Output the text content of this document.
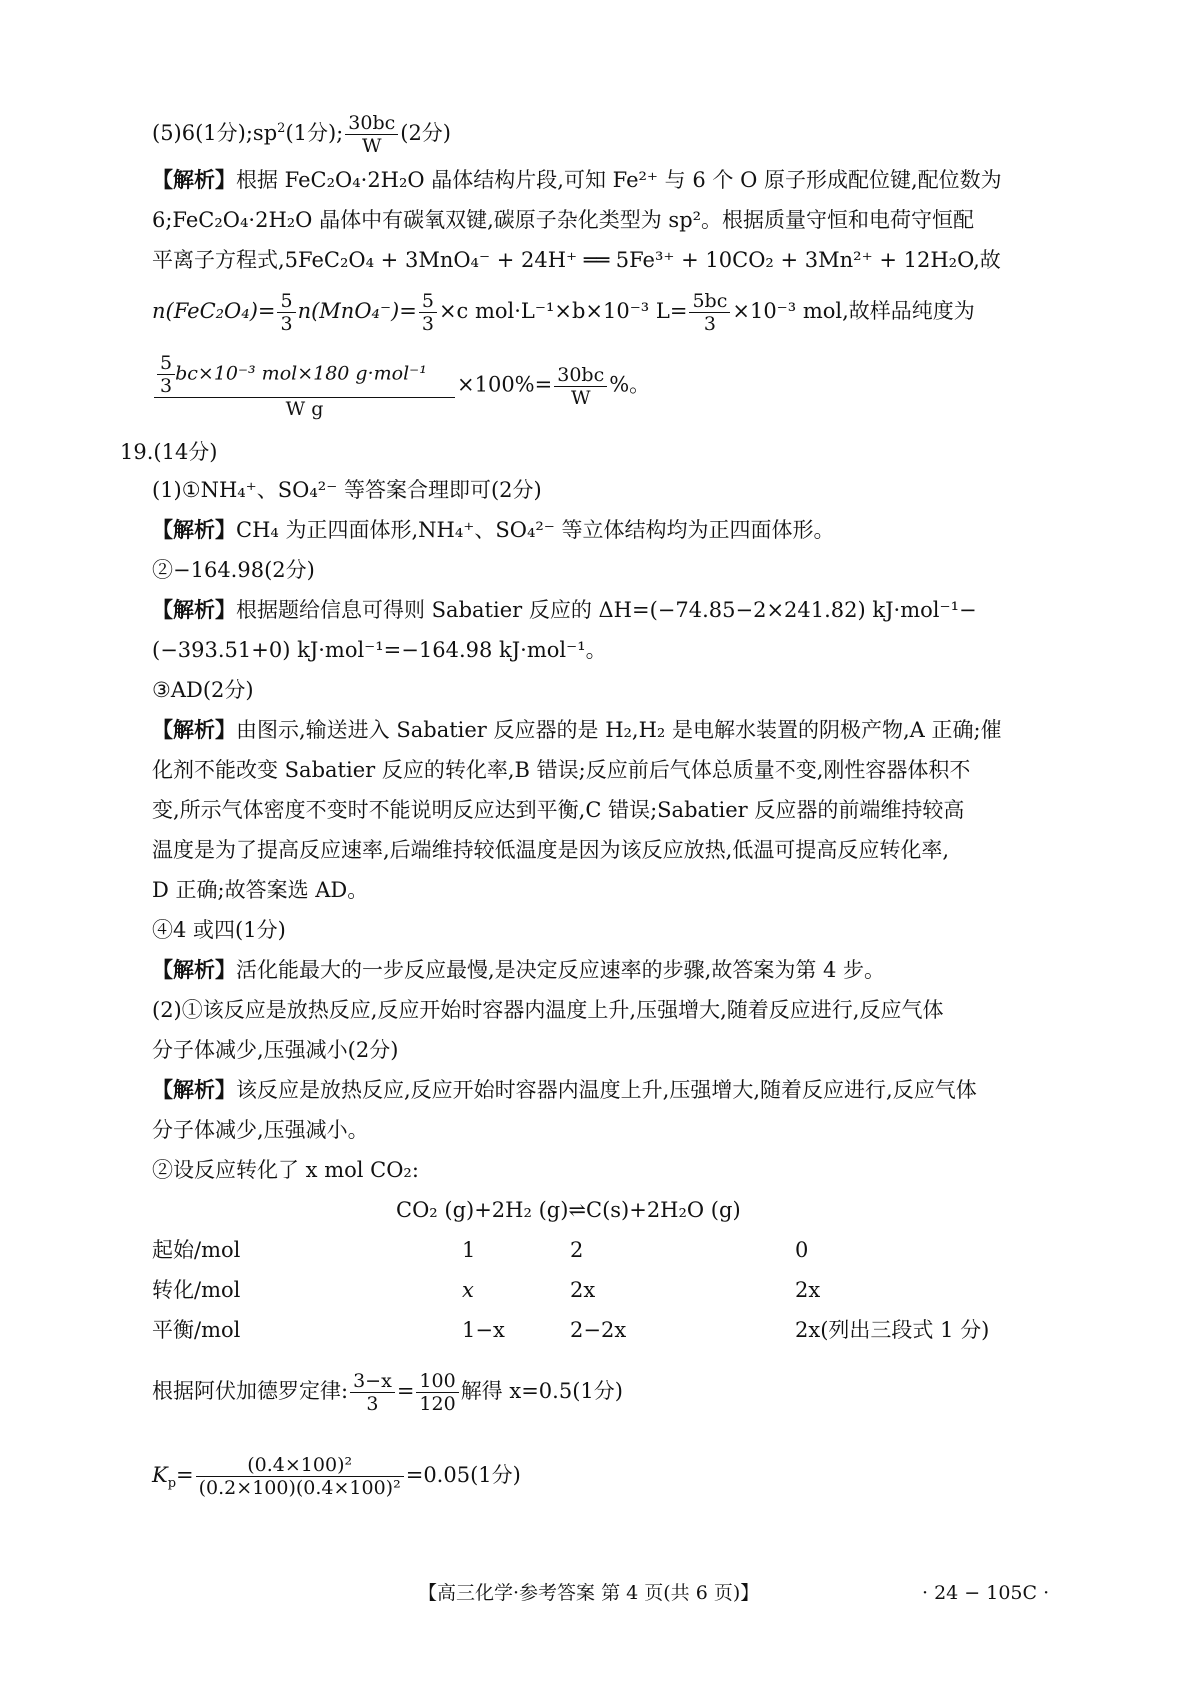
(5)6(1分)$;sp^2(1$分); $\frac{30bc}{W} (2$分)
【解析】根据 FeC₂O₄·2H₂O 晶体结构片段,可知 Fe²⁺ 与 6 个 O 原子形成配位键,配位数为
6;FeC₂O₄·2H₂O 晶体中有碳氧双键,碳原子杂化类型为 sp²。根据质量守恒和电荷守恒配
平离子方程式,5FeC₂O₄ + 3MnO₄⁻ + 24H⁺ ══ 5Fe³⁺ + 10CO₂ + 3Mn²⁺ + 12H₂O,故
$n(FeC_2O_4)= \frac{5}{3} n(MnO_4^-)= \frac{5}{3} \times c$ mol·L⁻¹×b×10⁻³ $L= \frac{5bc}{3} \times 10^{-3}$ mol,故样品纯度为
$\frac{\frac{5}{3} bc\times 10^{-3} mol\times 180 g\cdot mol^{-1}}{\text{W g}} \times 100\%= \frac{30bc}{W}$ %。
19.(14分)
(1)①NH₄⁺、SO₄²⁻ 等答案合理即可(2分)
【解析】CH₄ 为正四面体形,NH₄⁺、SO₄²⁻ 等立体结构均为正四面体形。
②−164.98(2分)
【解析】根据题给信息可得则 Sabatier 反应的 ΔH=(−74.85−2×241.82) kJ·mol⁻¹−
(−393.51+0) kJ·mol⁻¹=−164.98 kJ·mol⁻¹。
③AD(2分)
【解析】由图示,输送进入 Sabatier 反应器的是 H₂,H₂ 是电解水装置的阴极产物,A 正确;催
化剂不能改变 Sabatier 反应的转化率,B 错误;反应前后气体总质量不变,刚性容器体积不
变,所示气体密度不变时不能说明反应达到平衡,C 错误;Sabatier 反应器的前端维持较高
温度是为了提高反应速率,后端维持较低温度是因为该反应放热,低温可提高反应转化率,
D 正确;故答案选 AD。
④4 或四(1分)
【解析】活化能最大的一步反应最慢,是决定反应速率的步骤,故答案为第 4 步。
(2)①该反应是放热反应,反应开始时容器内温度上升,压强增大,随着反应进行,反应气体
分子体减少,压强减小(2分)
【解析】该反应是放热反应,反应开始时容器内温度上升,压强增大,随着反应进行,反应气体
分子体减少,压强减小。
②设反应转化了 x mol CO₂:
CO₂ (g)+2H₂ (g)⇌C(s)+2H₂O (g)
起始/mol	1	2	0
转化/mol	x	2x	2x
平衡/mol	1−x	2−2x	2x(列出三段式 1 分)
根据阿伏加德罗定律: $\frac{3-x}{3} = \frac{100}{120}$ 解得 x=0.5(1分)
$K_p= \frac{\text{(0.4×100)²}}{\text{(0.2×100)(0.4×100)²}} =0.05(1$分)
【高三化学·参考答案 第 4 页(共 6 页)】	· 24 − 105C ·
